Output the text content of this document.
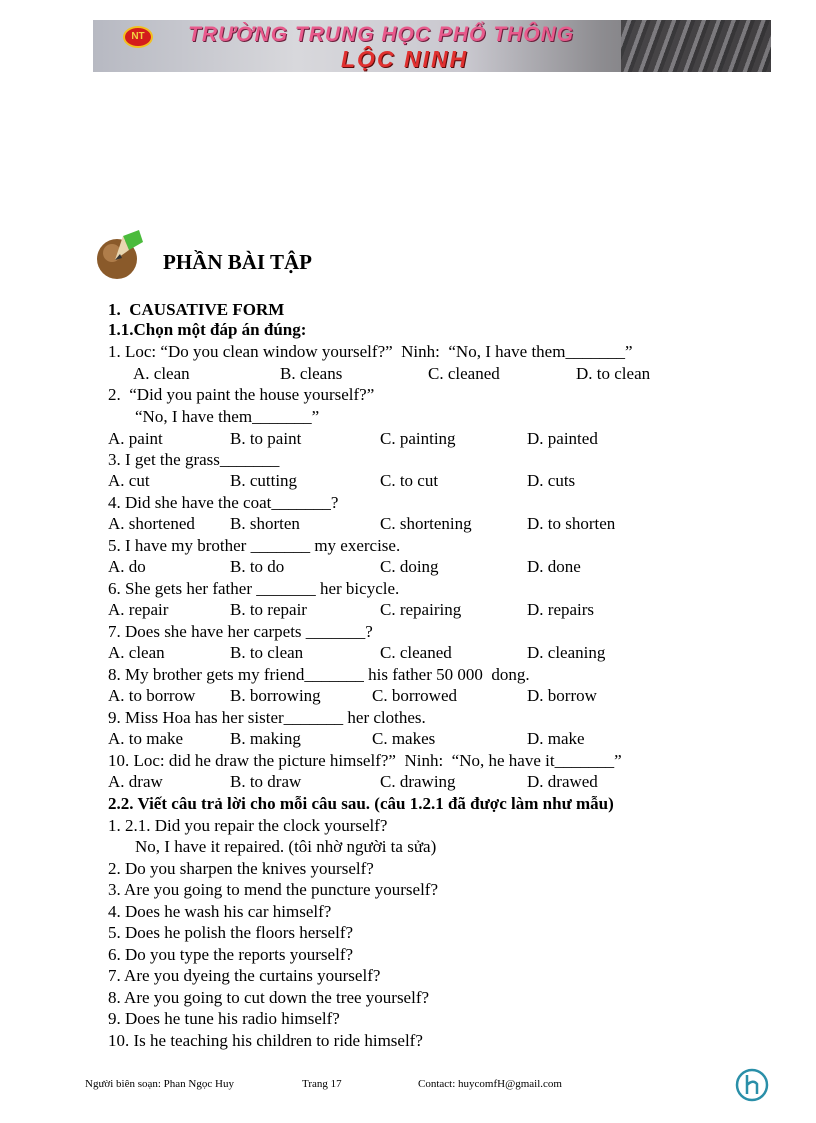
NT	TRƯỜNG TRUNG HỌC PHỔ THÔNG
LỘC NINH
PHẦN BÀI TẬP
1.  CAUSATIVE FORM
1.1.Chọn một đáp án đúng:
1. Loc: “Do you clean window yourself?”  Ninh:  “No, I have them_______”
A. clean	B. cleans	C. cleaned	D. to clean
2.  “Did you paint the house yourself?”
“No, I have them_______”
A. paint	B. to paint	C. painting	D. painted
3. I get the grass_______
A. cut	B. cutting	C. to cut	D. cuts
4. Did she have the coat_______?
A. shortened B. shorten	C. shortening	D. to shorten
5. I have my brother _______ my exercise.
A. do	B. to do	C. doing	D. done
6. She gets her father _______ her bicycle.
A. repair	B. to repair	C. repairing	D. repairs
7. Does she have her carpets _______?
A. clean	B. to clean	C. cleaned	D. cleaning
8. My brother gets my friend_______ his father 50 000  dong.
A. to borrow B. borrowing	C. borrowed	D. borrow
9. Miss Hoa has her sister_______ her clothes.
A. to make	B. making	C. makes	D. make
10. Loc: did he draw the picture himself?”  Ninh:  “No, he have it_______”
A. draw	B. to draw	C. drawing	D. drawed
2.2. Viết câu trả lời cho mỗi câu sau. (câu 1.2.1 đã được làm như mẫu)
1. 2.1. Did you repair the clock yourself?
No, I have it repaired. (tôi nhờ người ta sửa)
2. Do you sharpen the knives yourself?
3. Are you going to mend the puncture yourself?
4. Does he wash his car himself?
5. Does he polish the floors herself?
6. Do you type the reports yourself?
7. Are you dyeing the curtains yourself?
8. Are you going to cut down the tree yourself?
9. Does he tune his radio himself?
10. Is he teaching his children to ride himself?
Người biên soạn: Phan Ngọc Huy	Trang 17	Contact: huycomfH@gmail.com
